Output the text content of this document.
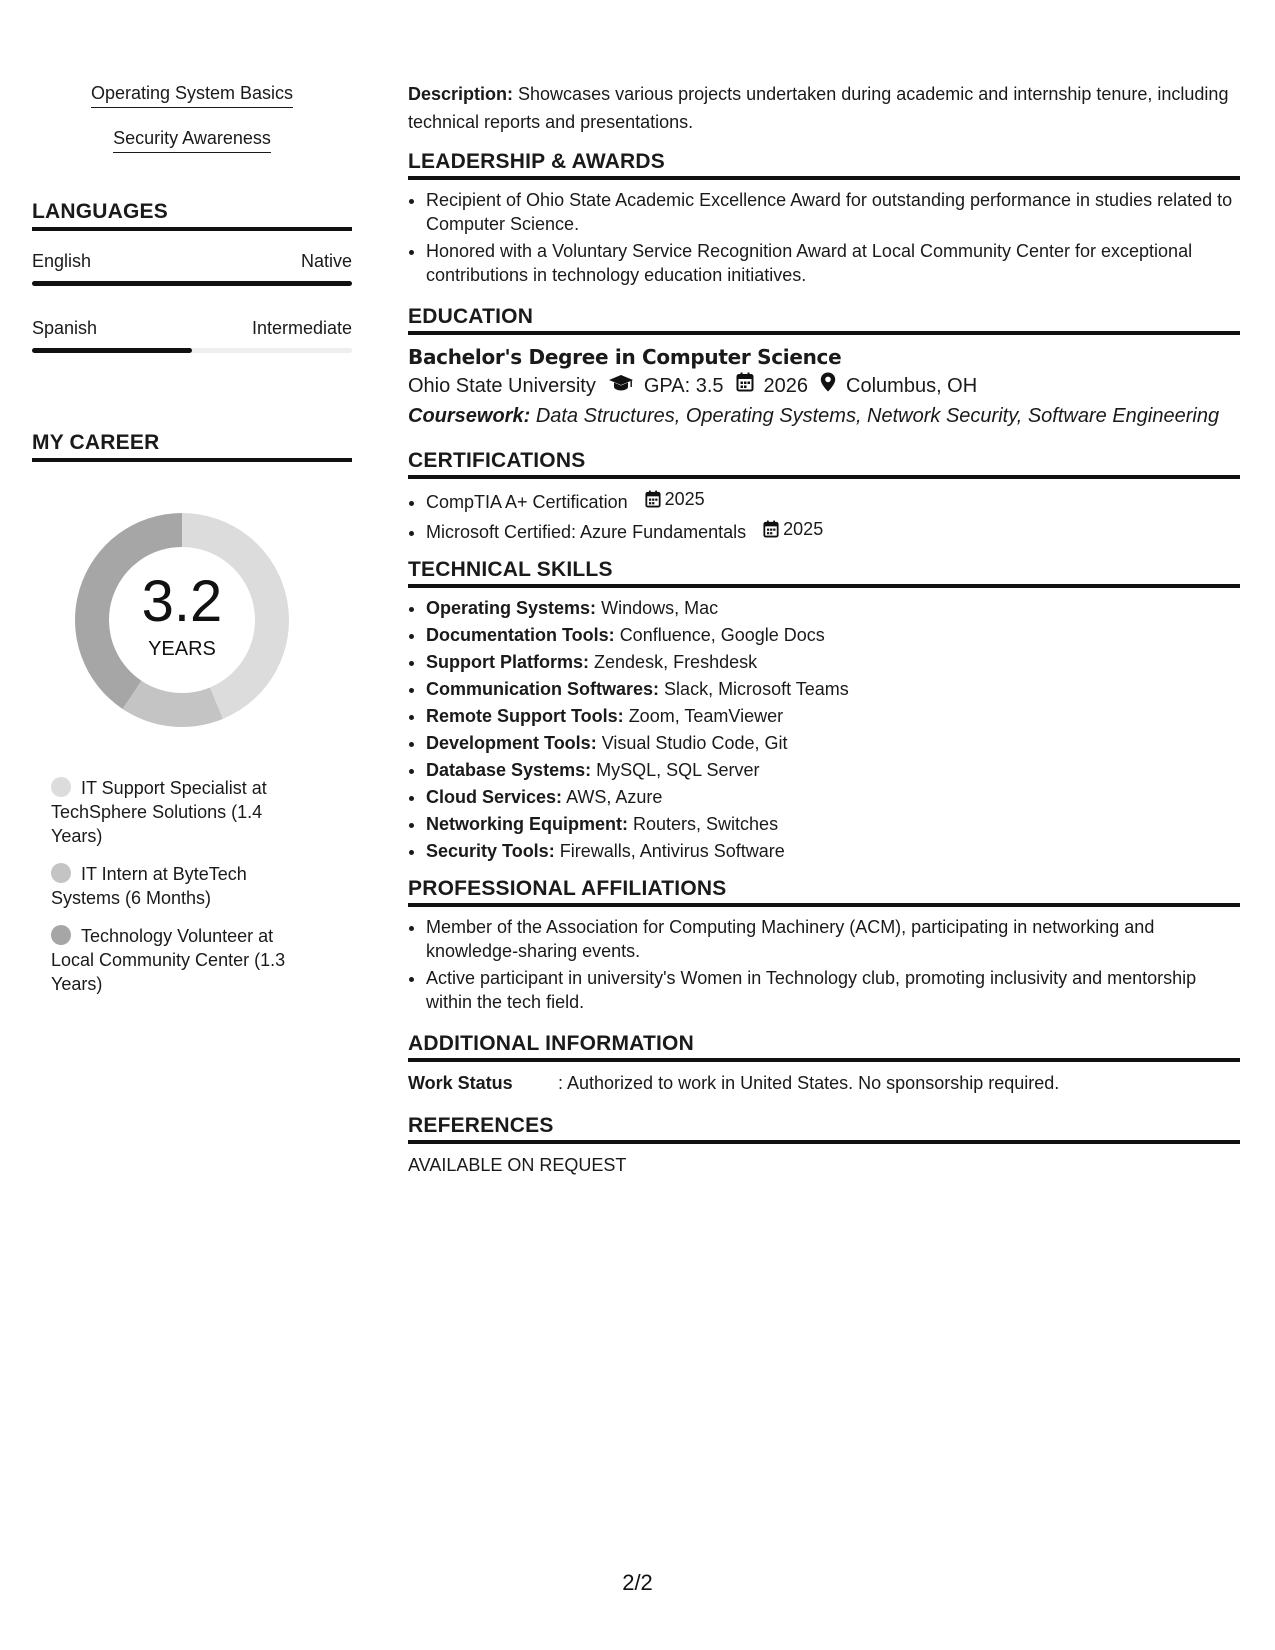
Operating System Basics
Security Awareness
LANGUAGES
English	Native
Spanish	Intermediate
MY CAREER
3.2
YEARS
IT Support Specialist at TechSphere Solutions (1.4 Years)
IT Intern at ByteTech Systems (6 Months)
Technology Volunteer at Local Community Center (1.3 Years)

Description: Showcases various projects undertaken during academic and internship tenure, including technical reports and presentations.

LEADERSHIP & AWARDS
• Recipient of Ohio State Academic Excellence Award for outstanding performance in studies related to Computer Science.
• Honored with a Voluntary Service Recognition Award at Local Community Center for exceptional contributions in technology education initiatives.
EDUCATION
Bachelor's Degree in Computer Science
Ohio State University GPA: 3.5 2026 Columbus, OH
Coursework: Data Structures, Operating Systems, Network Security, Software Engineering
CERTIFICATIONS
• CompTIA A+ Certification 2025
• Microsoft Certified: Azure Fundamentals 2025
TECHNICAL SKILLS
• Operating Systems: Windows, Mac
• Documentation Tools: Confluence, Google Docs
• Support Platforms: Zendesk, Freshdesk
• Communication Softwares: Slack, Microsoft Teams
• Remote Support Tools: Zoom, TeamViewer
• Development Tools: Visual Studio Code, Git
• Database Systems: MySQL, SQL Server
• Cloud Services: AWS, Azure
• Networking Equipment: Routers, Switches
• Security Tools: Firewalls, Antivirus Software
PROFESSIONAL AFFILIATIONS
• Member of the Association for Computing Machinery (ACM), participating in networking and knowledge-sharing events.
• Active participant in university's Women in Technology club, promoting inclusivity and mentorship within the tech field.
ADDITIONAL INFORMATION
Work Status	: Authorized to work in United States. No sponsorship required.
REFERENCES
AVAILABLE ON REQUEST
2/2
